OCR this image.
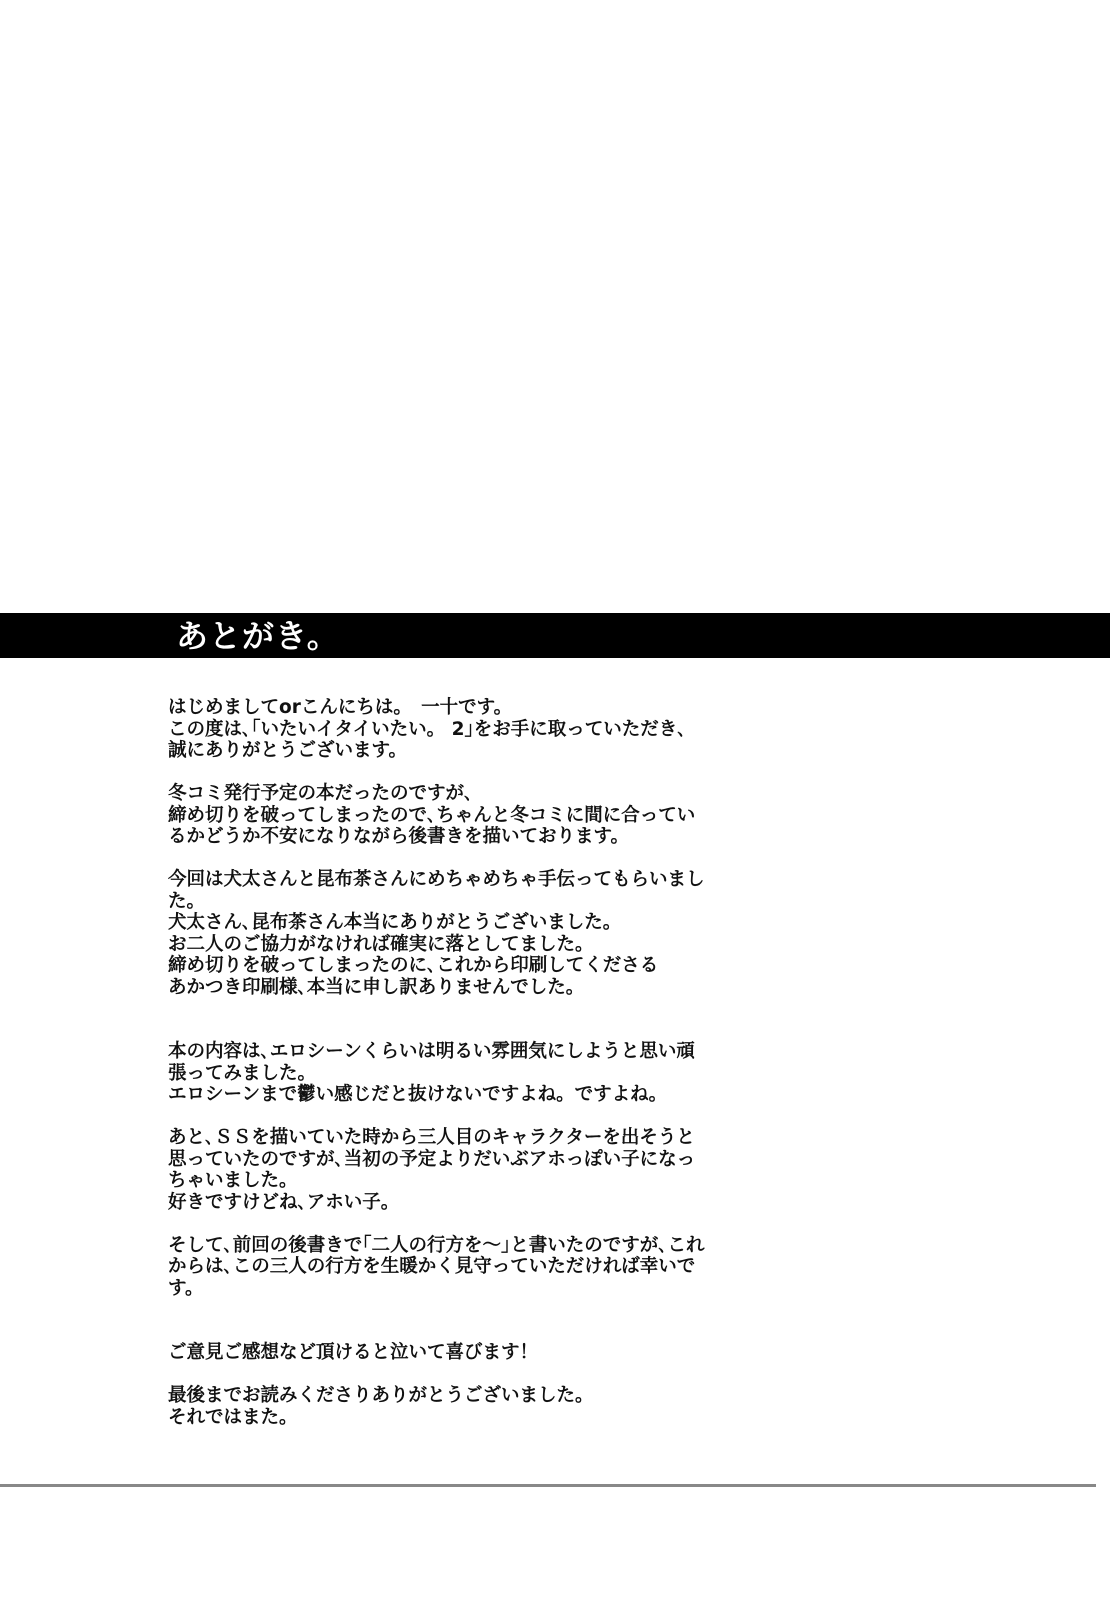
あとがき。
はじめましてorこんにちは。　一十です。
この度は､｢いたいイタイいたい。 2｣をお手に取っていただき､
誠にありがとうございます。
冬コミ発行予定の本だったのですが､
締め切りを破ってしまったので､ちゃんと冬コミに間に合ってい
るかどうか不安になりながら後書きを描いております。
今回は犬太さんと昆布茶さんにめちゃめちゃ手伝ってもらいまし
た。
犬太さん､昆布茶さん本当にありがとうございました。
お二人のご協力がなければ確実に落としてました。
締め切りを破ってしまったのに､これから印刷してくださる
あかつき印刷様､本当に申し訳ありませんでした。
本の内容は､エロシーンくらいは明るい雰囲気にしようと思い頑
張ってみました。
エロシーンまで鬱い感じだと抜けないですよね。ですよね。
あと､ＳＳを描いていた時から三人目のキャラクターを出そうと
思っていたのですが､当初の予定よりだいぶアホっぽい子になっ
ちゃいました。
好きですけどね､アホい子。
そして､前回の後書きで｢二人の行方を～｣と書いたのですが､これ
からは､この三人の行方を生暖かく見守っていただければ幸いで
す。
ご意見ご感想など頂けると泣いて喜びます！
最後までお読みくださりありがとうございました。
それではまた。
